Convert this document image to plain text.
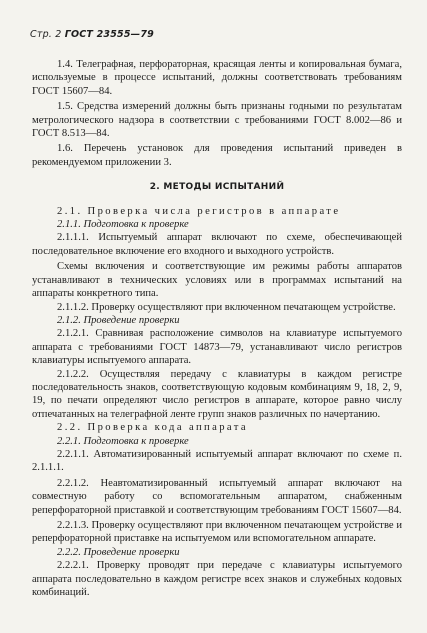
Стр. 2 ГОСТ 23555—79

1.4. Телеграфная, перфораторная, красящая ленты и копировальная бумага, используемые в процессе испытаний, должны соответствовать требованиям ГОСТ 15607—84.

1.5. Средства измерений должны быть признаны годными по результатам метрологического надзора в соответствии с требованиями ГОСТ 8.002—86 и ГОСТ 8.513—84.

1.6. Перечень установок для проведения испытаний приведен в рекомендуемом приложении 3.

2. МЕТОДЫ ИСПЫТАНИЙ

2.1. Проверка числа регистров в аппарате

2.1.1. Подготовка к проверке

2.1.1.1. Испытуемый аппарат включают по схеме, обеспечивающей последовательное включение его входного и выходного устройств.

Схемы включения и соответствующие им режимы работы аппаратов устанавливают в технических условиях или в программах испытаний на аппараты конкретного типа.

2.1.1.2. Проверку осуществляют при включенном печатающем устройстве.

2.1.2. Проведение проверки

2.1.2.1. Сравнивая расположение символов на клавиатуре испытуемого аппарата с требованиями ГОСТ 14873—79, устанавливают число регистров клавиатуры испытуемого аппарата.

2.1.2.2. Осуществляя передачу с клавиатуры в каждом регистре последовательность знаков, соответствующую кодовым комбинациям 9, 18, 2, 9, 19, по печати определяют число регистров в аппарате, которое равно числу отпечатанных на телеграфной ленте групп знаков различных по начертанию.

2.2. Проверка кода аппарата

2.2.1. Подготовка к проверке

2.2.1.1. Автоматизированный испытуемый аппарат включают по схеме п. 2.1.1.1.

2.2.1.2. Неавтоматизированный испытуемый аппарат включают на совместную работу со вспомогательным аппаратом, снабженным реперфораторной приставкой и соответствующим требованиям ГОСТ 15607—84.

2.2.1.3. Проверку осуществляют при включенном печатающем устройстве и реперфораторной приставке на испытуемом или вспомогательном аппарате.

2.2.2. Проведение проверки

2.2.2.1. Проверку проводят при передаче с клавиатуры испытуемого аппарата последовательно в каждом регистре всех знаков и служебных кодовых комбинаций.
